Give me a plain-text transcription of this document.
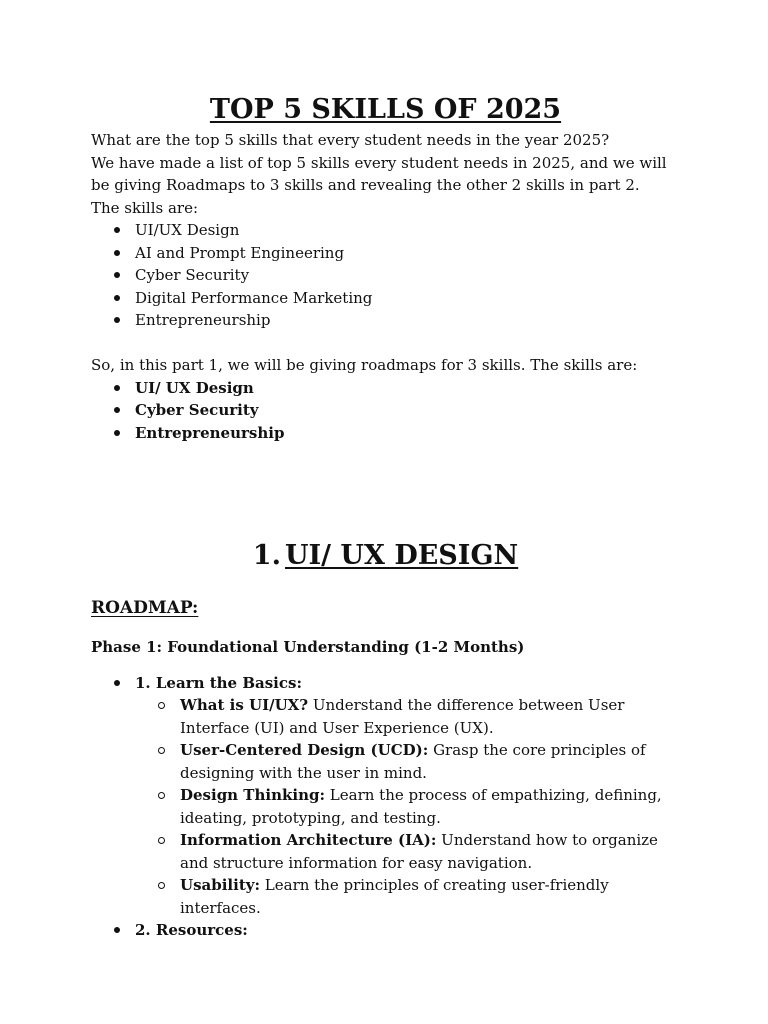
TOP 5 SKILLS OF 2025

What are the top 5 skills that every student needs in the year 2025?

We have made a list of top 5 skills every student needs in 2025, and we will be giving Roadmaps to 3 skills and revealing the other 2 skills in part 2.

The skills are:

UI/UX Design
AI and Prompt Engineering
Cyber Security
Digital Performance Marketing
Entrepreneurship

So, in this part 1, we will be giving roadmaps for 3 skills. The skills are:

UI/ UX Design
Cyber Security
Entrepreneurship
1. UI/ UX DESIGN

ROADMAP:

Phase 1: Foundational Understanding (1-2 Months)

1. Learn the Basics:
What is UI/UX? Understand the difference between User Interface (UI) and User Experience (UX).
User-Centered Design (UCD): Grasp the core principles of designing with the user in mind.
Design Thinking: Learn the process of empathizing, defining, ideating, prototyping, and testing.
Information Architecture (IA): Understand how to organize and structure information for easy navigation.
Usability: Learn the principles of creating user-friendly interfaces.
2. Resources:
